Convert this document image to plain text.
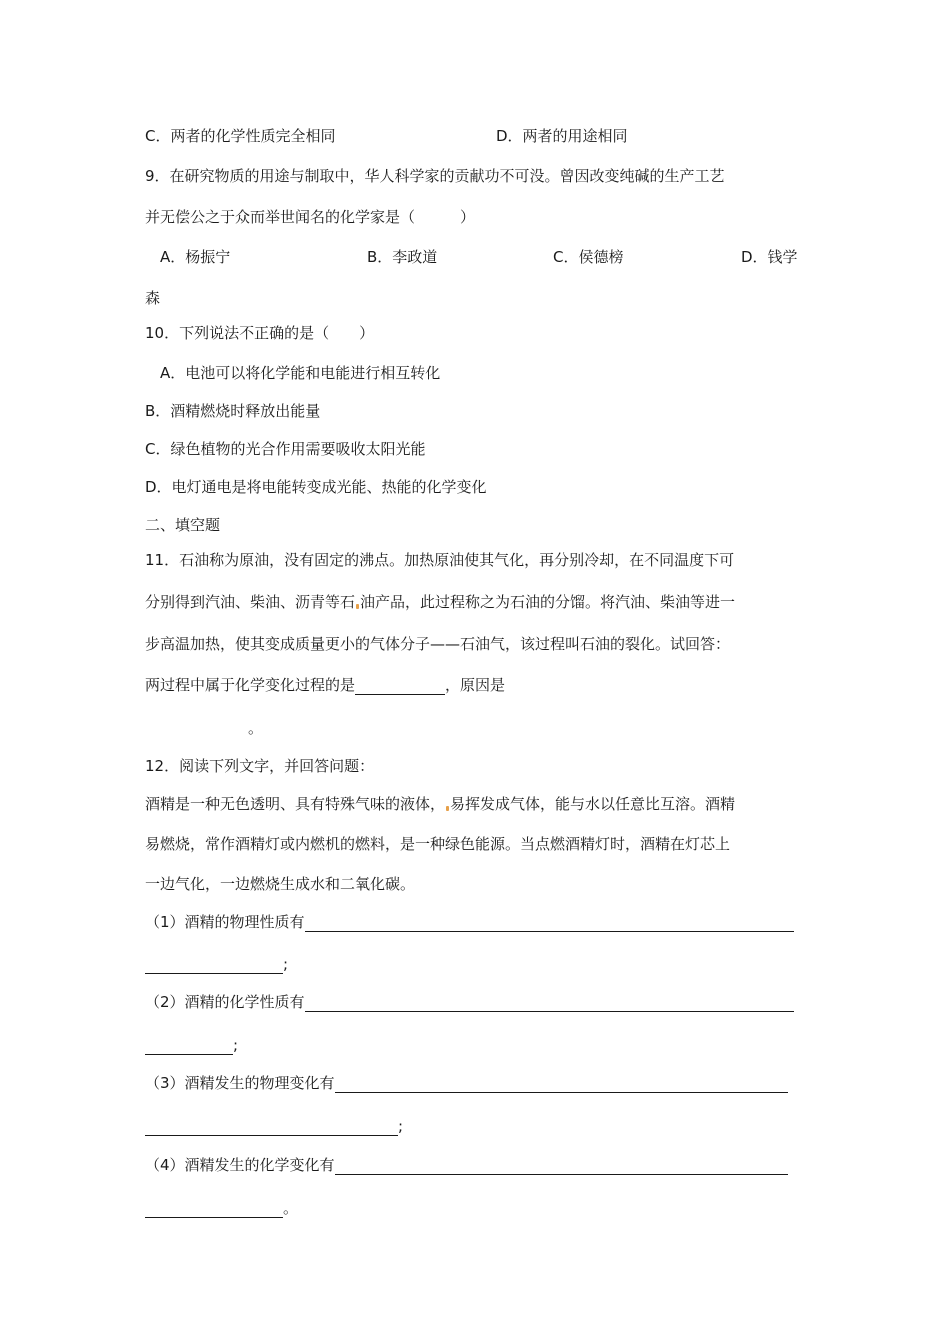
C．两者的化学性质完全相同	D．两者的用途相同
9．在研究物质的用途与制取中，华人科学家的贡献功不可没。曾因改变纯碱的生产工艺
并无偿公之于众而举世闻名的化学家是（　　　）
A．杨振宁	B．李政道	C．侯德榜	D．钱学
森
10．下列说法不正确的是（　　）
A．电池可以将化学能和电能进行相互转化
B．酒精燃烧时释放出能量
C．绿色植物的光合作用需要吸收太阳光能
D．电灯通电是将电能转变成光能、热能的化学变化
二、填空题
11．石油称为原油，没有固定的沸点。加热原油使其气化，再分别冷却，在不同温度下可
分别得到汽油、柴油、沥青等石 油产品，此过程称之为石油的分馏。将汽油、柴油等进一
步高温加热，使其变成质量更小的气体分子——石油气，该过程叫石油的裂化。试回答：
两过程中属于化学变化过程的是	，原因是
。
12．阅读下列文字，并回答问题：
酒精是一种无色透明、具有特殊气味的液体， 易挥发成气体，能与水以任意比互溶。酒精
易燃烧，常作酒精灯或内燃机的燃料，是一种绿色能源。当点燃酒精灯时，酒精在灯芯上
一边气化，一边燃烧生成水和二氧化碳。
（1）酒精的物理性质有
;
（2）酒精的化学性质有
;
（3）酒精发生的物理变化有
;
（4）酒精发生的化学变化有
。
